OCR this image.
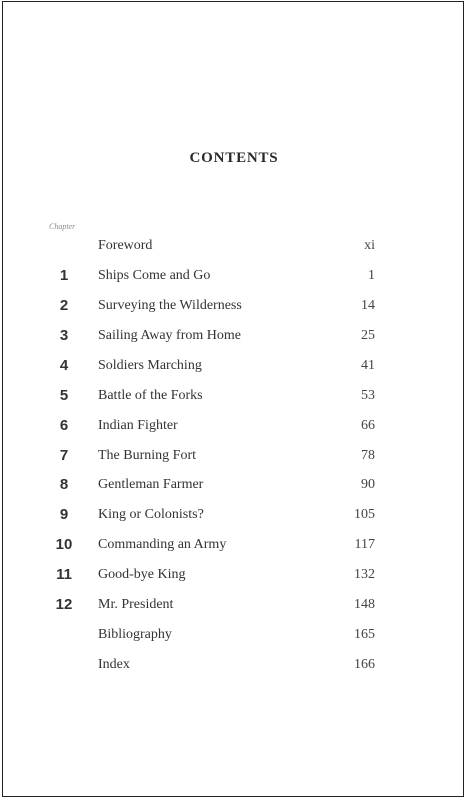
CONTENTS
Chapter
Foreword	xi
1	Ships Come and Go	1
2	Surveying the Wilderness	14
3	Sailing Away from Home	25
4	Soldiers Marching	41
5	Battle of the Forks	53
6	Indian Fighter	66
7	The Burning Fort	78
8	Gentleman Farmer	90
9	King or Colonists?	105
10	Commanding an Army	117
11	Good-bye King	132
12	Mr. President	148
Bibliography	165
Index	166
